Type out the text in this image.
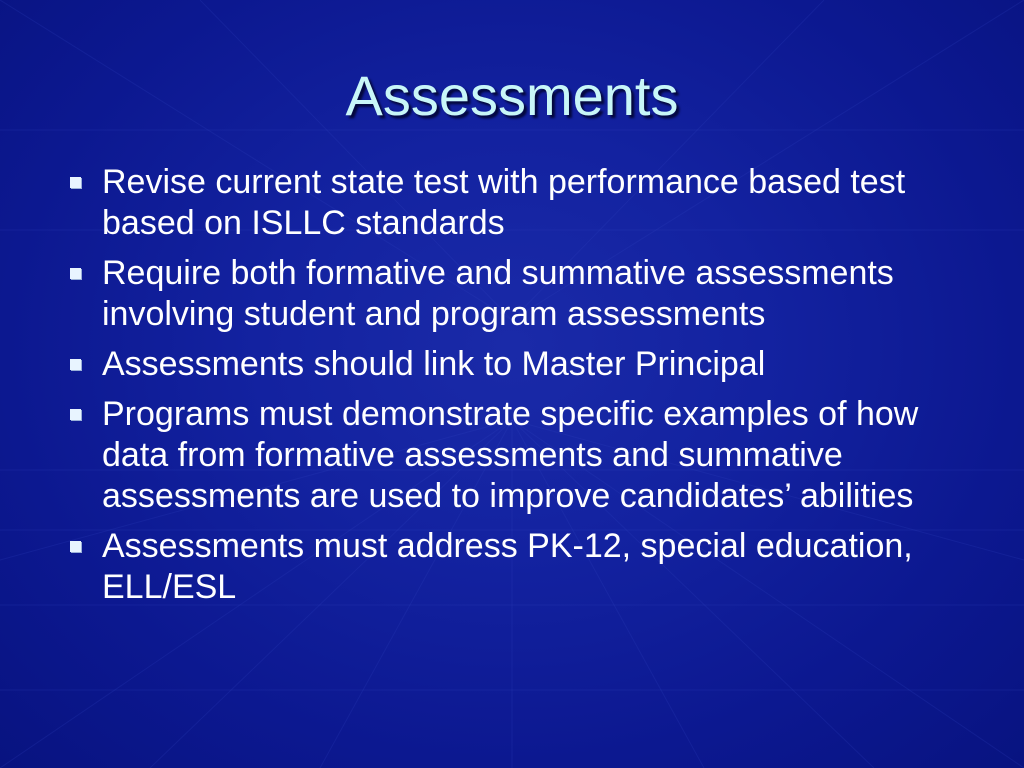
Assessments
Revise current state test with performance based test based on ISLLC standards
Require both formative and summative assessments involving student and program assessments
Assessments should link to Master Principal
Programs must demonstrate specific examples of how data from formative assessments and summative assessments are used to improve candidates’ abilities
Assessments must address PK-12, special education, ELL/ESL
